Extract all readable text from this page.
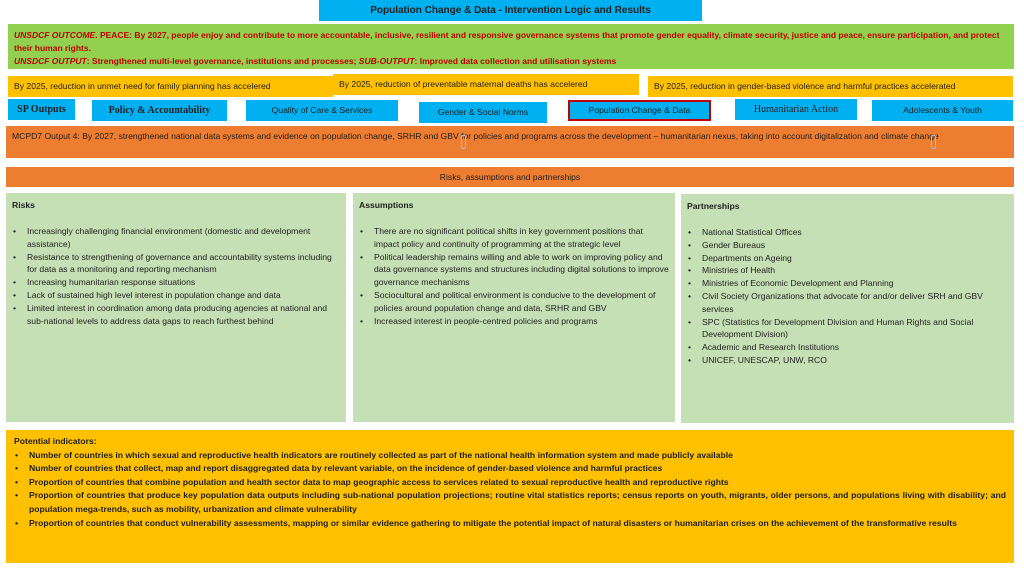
Population Change & Data - Intervention Logic and Results
UNSDCF OUTCOME. PEACE: By 2027, people enjoy and contribute to more accountable, inclusive, resilient and responsive governance systems that promote gender equality, climate security, justice and peace, ensure participation, and protect their human rights.
UNSDCF OUTPUT: Strengthened multi-level governance, institutions and processes; SUB-OUTPUT: Improved data collection and utilisation systems
By 2025, reduction in unmet need for family planning has accelered	By 2025, reduction of preventable maternal deaths has accelered	By 2025, reduction in gender-based violence and harmful practices accelerated
SP Outputs	Policy & Accountability	Quality of Care & Services	Gender & Social Norms	Population Change & Data	Humanitarian Action	Adolescents & Youth
MCPD7 Output 4: By 2027, strengthened national data systems and evidence on population change, SRHR and GBV for policies and programs across the development – humanitarian nexus, taking into account digitalization and climate change
Risks, assumptions and partnerships
Risks
• Increasingly challenging financial environment (domestic and development assistance)
• Resistance to strengthening of governance and accountability systems including for data as a monitoring and reporting mechanism
• Increasing humanitarian response situations
• Lack of sustained high level interest in population change and data
• Limited interest in coordination among data producing agencies at national and sub-national levels to address data gaps to reach furthest behind
Assumptions
• There are no significant political shifts in key government positions that impact policy and continuity of programming at the strategic level
• Political leadership remains willing and able to work on improving policy and data governance systems and structures including digital solutions to improve governance mechanisms
• Sociocultural and political environment is conducive to the development of policies around population change and data, SRHR and GBV
• Increased interest in people-centred policies and programs
Partnerships
• National Statistical Offices
• Gender Bureaus
• Departments on Ageing
• Ministries of Health
• Ministries of Economic Development and Planning
• Civil Society Organizations that advocate for and/or deliver SRH and GBV services
• SPC (Statistics for Development Division and Human Rights and Social Development Division)
• Academic and Research Institutions
• UNICEF, UNESCAP, UNW, RCO
Potential indicators:
• Number of countries in which sexual and reproductive health indicators are routinely collected as part of the national health information system and made publicly available
• Number of countries that collect, map and report disaggregated data by relevant variable, on the incidence of gender-based violence and harmful practices
• Proportion of countries that combine population and health sector data to map geographic access to services related to sexual reproductive health and reproductive rights
• Proportion of countries that produce key population data outputs including sub-national population projections; routine vital statistics reports; census reports on youth, migrants, older persons, and populations living with disability; and population mega-trends, such as mobility, urbanization and climate vulnerability
• Proportion of countries that conduct vulnerability assessments, mapping or similar evidence gathering to mitigate the potential impact of natural disasters or humanitarian crises on the achievement of the transformative results
